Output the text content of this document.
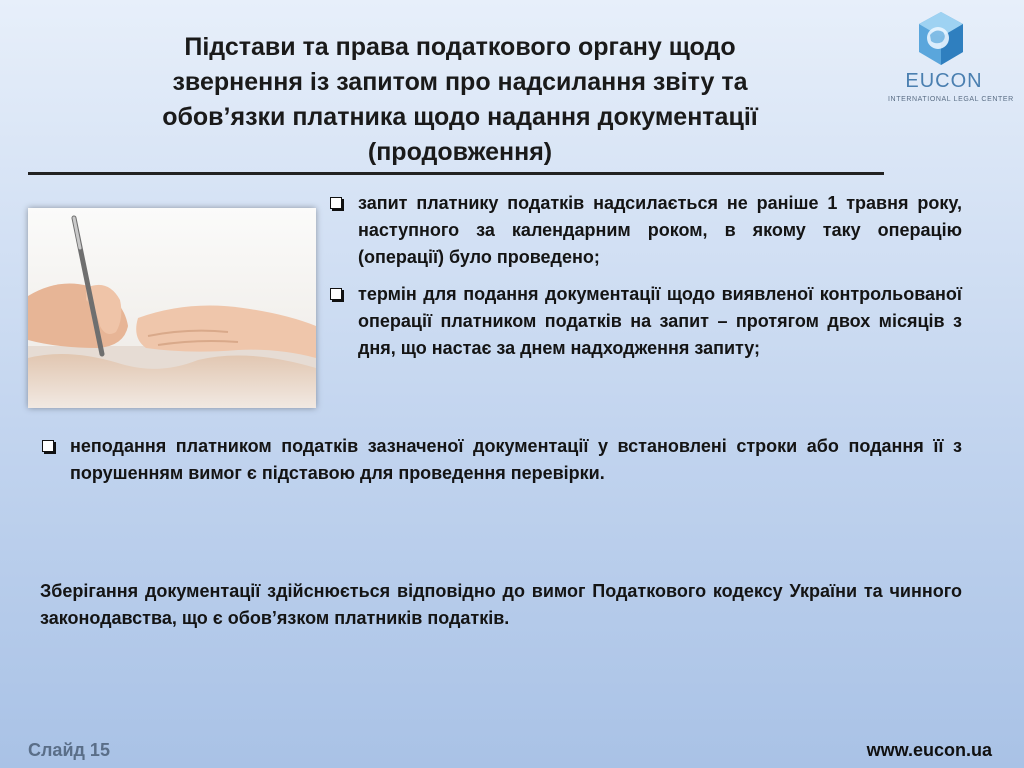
Підстави та права податкового органу щодо
звернення із запитом про надсилання звіту та
обов’язки платника щодо надання документації
(продовження)
EUCON
INTERNATIONAL LEGAL CENTER
запит платнику податків надсилається не раніше 1 травня року, наступного за календарним роком, в якому таку операцію (операції) було проведено;
термін для подання документації щодо виявленої контрольованої операції платником податків на запит – протягом двох місяців з дня, що настає за днем надходження запиту;
неподання платником податків зазначеної документації у встановлені строки або подання її з порушенням вимог є підставою для проведення перевірки.
Зберігання документації здійснюється відповідно до вимог Податкового кодексу України та чинного законодавства, що є обов’язком платників податків.
Слайд 15	www.eucon.ua
